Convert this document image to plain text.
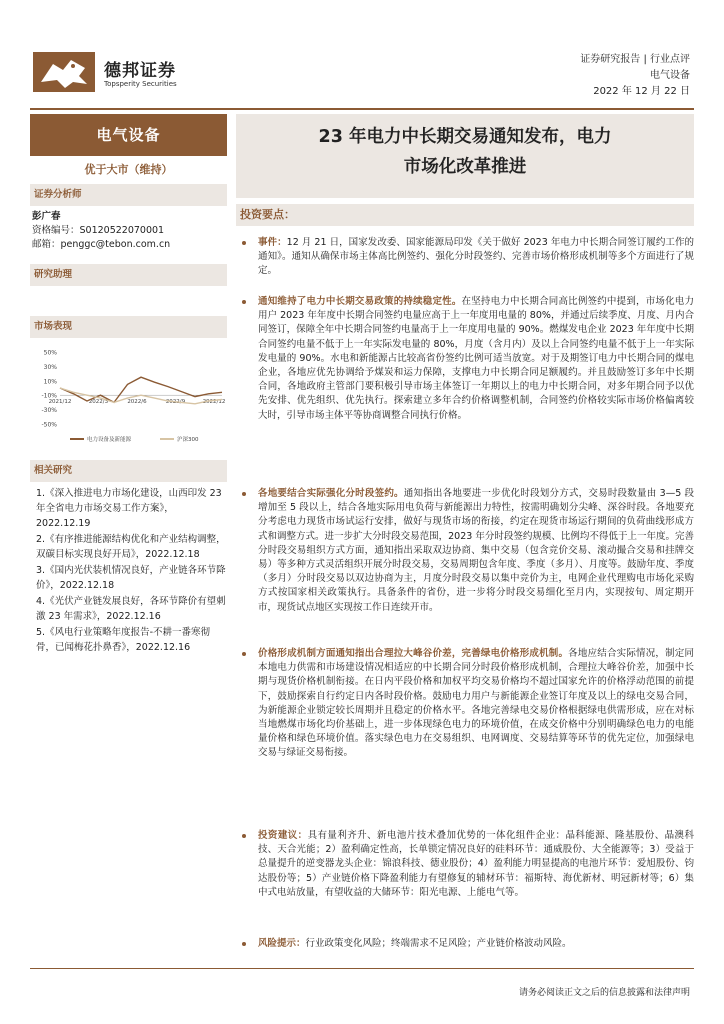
德邦证券
Topsperity Securities
证券研究报告 | 行业点评
电气设备
2022 年 12 月 22 日
电气设备
优于大市（维持）
证券分析师
彭广春
资格编号：S0120522070001
邮箱：penggc@tebon.com.cn
研究助理
市场表现
50%
30%
10%
-10%
-30%
-50%
2021/12	2022/3	2022/6	2022/9	2022/12
电力设备及新能源	沪深300
相关研究
1.《深入推进电力市场化建设，山西印发 23 年全省电力市场交易工作方案》，2022.12.19
2.《有序推进能源结构优化和产业结构调整，双碳目标实现良好开局》，2022.12.18
3.《国内光伏装机情况良好，产业链各环节降价》，2022.12.18
4.《光伏产业链发展良好，各环节降价有望刺激 23 年需求》，2022.12.16
5.《风电行业策略年度报告-不耕一番寒彻骨，已闻梅花扑鼻香》，2022.12.16
23 年电力中长期交易通知发布，电力
市场化改革推进
投资要点：
事件：12 月 21 日，国家发改委、国家能源局印发《关于做好 2023 年电力中长期合同签订履约工作的通知》。通知从确保市场主体高比例签约、强化分时段签约、完善市场价格形成机制等多个方面进行了规定。
通知维持了电力中长期交易政策的持续稳定性。在坚持电力中长期合同高比例签约中提到，市场化电力用户 2023 年年度中长期合同签约电量应高于上一年度用电量的 80%，并通过后续季度、月度、月内合同签订，保障全年中长期合同签约电量高于上一年度用电量的 90%。燃煤发电企业 2023 年年度中长期合同签约电量不低于上一年实际发电量的 80%，月度（含月内）及以上合同签约电量不低于上一年实际发电量的 90%。水电和新能源占比较高省份签约比例可适当放宽。对于及期签订电力中长期合同的煤电企业，各地应优先协调给予煤炭和运力保障，支撑电力中长期合同足额履约。并且鼓励签订多年中长期合同，各地政府主管部门要积极引导市场主体签订一年期以上的电力中长期合同，对多年期合同予以优先安排、优先组织、优先执行。探索建立多年合约价格调整机制，合同签约价格较实际市场价格偏离较大时，引导市场主体平等协商调整合同执行价格。
各地要结合实际强化分时段签约。通知指出各地要进一步优化时段划分方式，交易时段数量由 3—5 段增加至 5 段以上，结合各地实际用电负荷与新能源出力特性，按需明确划分尖峰、深谷时段。各地要充分考虑电力现货市场试运行安排，做好与现货市场的衔接，约定在现货市场运行期间的负荷曲线形成方式和调整方式。进一步扩大分时段交易范围，2023 年分时段签约规模、比例均不得低于上一年度。完善分时段交易组织方式方面，通知指出采取双边协商、集中交易（包含竞价交易、滚动撮合交易和挂牌交易）等多种方式灵活组织开展分时段交易，交易周期包含年度、季度（多月）、月度等。鼓励年度、季度（多月）分时段交易以双边协商为主，月度分时段交易以集中竞价为主，电网企业代理购电市场化采购方式按国家相关政策执行。具备条件的省份，进一步将分时段交易细化至月内，实现按旬、周定期开市，现货试点地区实现按工作日连续开市。
价格形成机制方面通知指出合理拉大峰谷价差，完善绿电价格形成机制。各地应结合实际情况，制定同本地电力供需和市场建设情况相适应的中长期合同分时段价格形成机制，合理拉大峰谷价差，加强中长期与现货价格机制衔接。在日内平段价格和加权平均交易价格均不超过国家允许的价格浮动范围的前提下，鼓励探索自行约定日内各时段价格。鼓励电力用户与新能源企业签订年度及以上的绿电交易合同，为新能源企业锁定较长周期并且稳定的价格水平。各地完善绿电交易价格根据绿电供需形成，应在对标当地燃煤市场化均价基础上，进一步体现绿色电力的环境价值，在成交价格中分别明确绿色电力的电能量价格和绿色环境价值。落实绿色电力在交易组织、电网调度、交易结算等环节的优先定位，加强绿电交易与绿证交易衔接。
投资建议：具有量利齐升、新电池片技术叠加优势的一体化组件企业：晶科能源、隆基股份、晶澳科技、天合光能；2）盈利确定性高，长单锁定情况良好的硅料环节：通威股份、大全能源等；3）受益于总量提升的逆变器龙头企业：锦浪科技、德业股份；4）盈利能力明显提高的电池片环节：爱旭股份、钧达股份等；5）产业链价格下降盈利能力有望修复的辅材环节：福斯特、海优新材、明冠新材等；6）集中式电站放量，有望收益的大储环节：阳光电源、上能电气等。
风险提示：行业政策变化风险；终端需求不足风险；产业链价格波动风险。
请务必阅读正文之后的信息披露和法律声明
